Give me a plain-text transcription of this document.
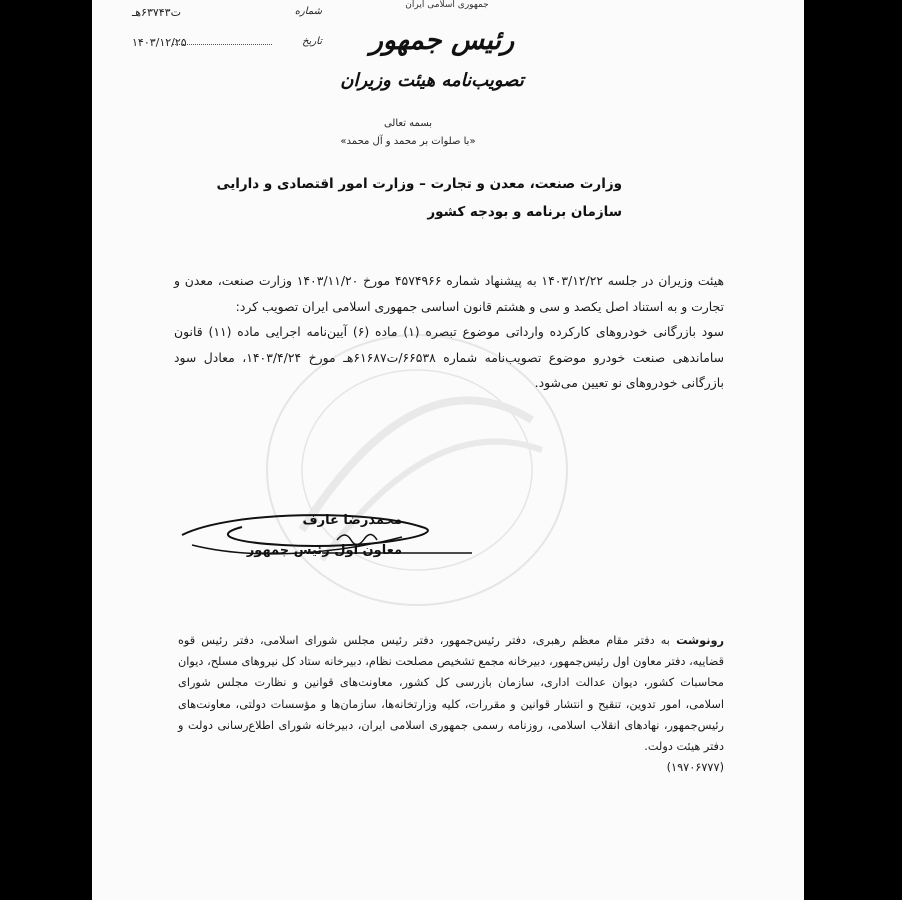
ت۶۳۷۴۳هـ	شماره
۱۴۰۳/۱۲/۲۵	تاریخ
جمهوری اسلامی ایران
رئیس جمهور
تصویب‌نامه هیئت وزیران
بسمه تعالی
«با صلوات بر محمد و آل محمد»
وزارت صنعت، معدن و تجارت – وزارت امور اقتصادی و دارایی
سازمان برنامه و بودجه کشور

هیئت وزیران در جلسه ۱۴۰۳/۱۲/۲۲ به پیشنهاد شماره ۴۵۷۴۹۶۶ مورخ ۱۴۰۳/۱۱/۲۰ وزارت صنعت، معدن و تجارت و به استناد اصل یکصد و سی و هشتم قانون اساسی جمهوری اسلامی ایران تصویب کرد:

سود بازرگانی خودروهای کارکرده وارداتی موضوع تبصره (۱) ماده (۶) آیین‌نامه اجرایی ماده (۱۱) قانون ساماندهی صنعت خودرو موضوع تصویب‌نامه شماره ۶۶۵۳۸/ت۶۱۶۸۷هـ مورخ ۱۴۰۳/۴/۲۴، معادل سود بازرگانی خودروهای نو تعیین می‌شود.

محمدرضا عارف
معاون اول رئیس جمهور

رونوشت به دفتر مقام معظم رهبری، دفتر رئیس‌جمهور، دفتر رئیس مجلس شورای اسلامی، دفتر رئیس قوه قضاییه، دفتر معاون اول رئیس‌جمهور، دبیرخانه مجمع تشخیص مصلحت نظام، دبیرخانه ستاد کل نیروهای مسلح، دیوان محاسبات کشور، دیوان عدالت اداری، سازمان بازرسی کل کشور، معاونت‌های قوانین و نظارت مجلس شورای اسلامی، امور تدوین، تنقیح و انتشار قوانین و مقررات، کلیه وزارتخانه‌ها، سازمان‌ها و مؤسسات دولتی، معاونت‌های رئیس‌جمهور، نهادهای انقلاب اسلامی، روزنامه رسمی جمهوری اسلامی ایران، دبیرخانه شورای اطلاع‌رسانی دولت و دفتر هیئت دولت.

(۱۹۷۰۶۷۷۷)
